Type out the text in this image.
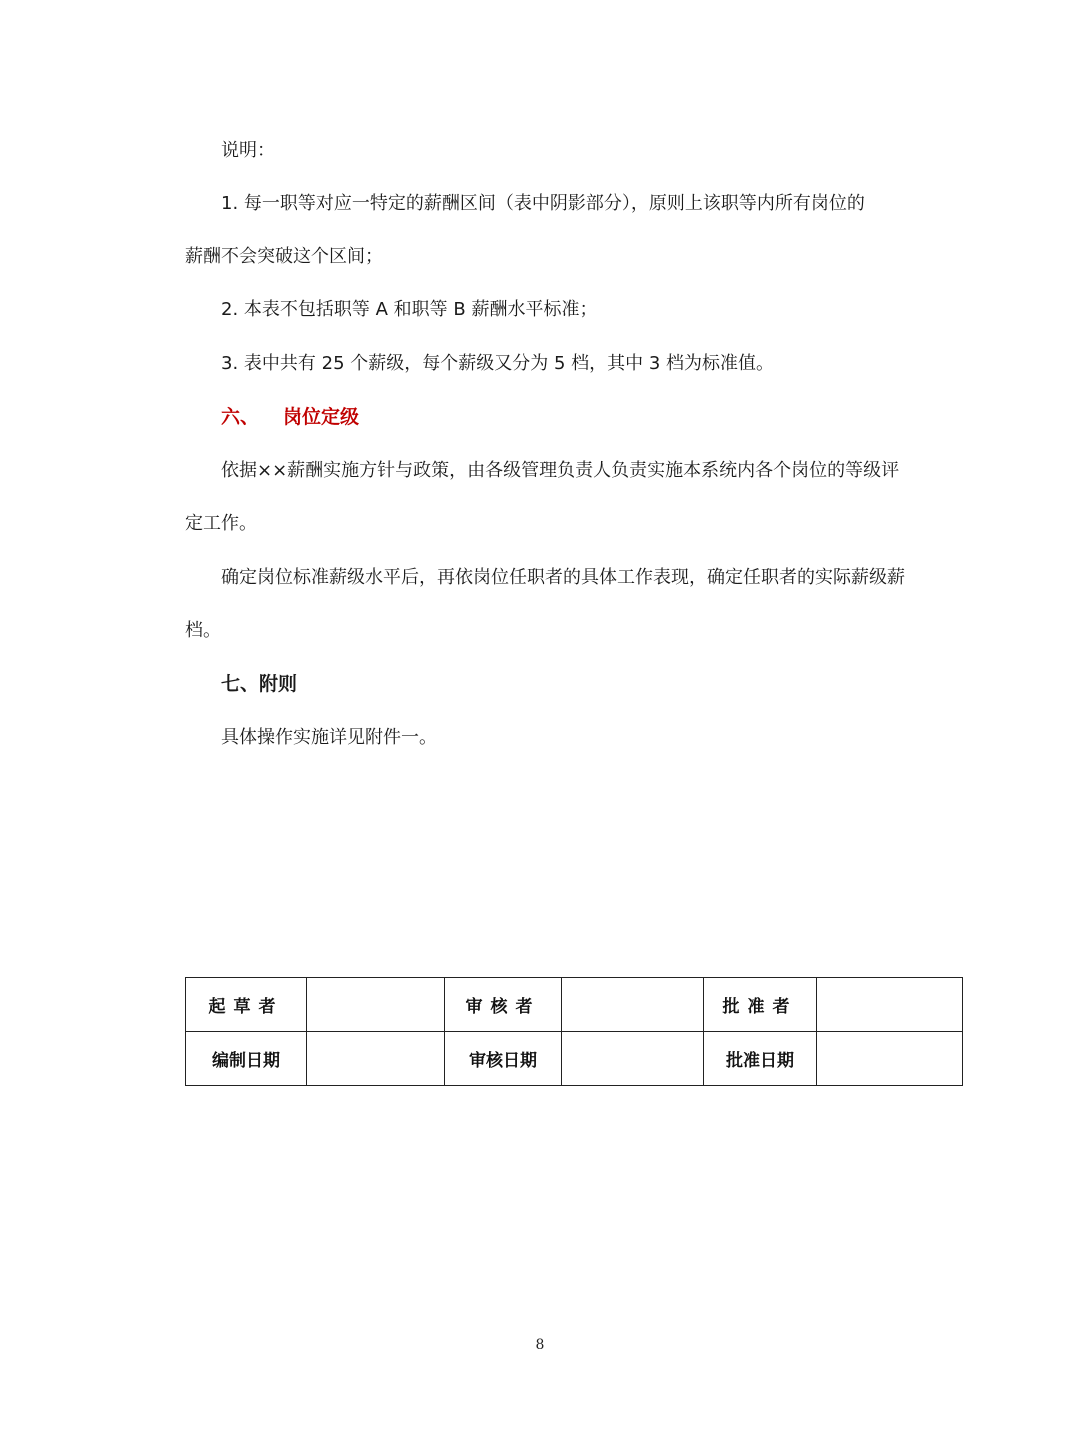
说明：
1. 每一职等对应一特定的薪酬区间（表中阴影部分），原则上该职等内所有岗位的
薪酬不会突破这个区间；
2. 本表不包括职等 A 和职等 B 薪酬水平标准；
3. 表中共有 25 个薪级，每个薪级又分为 5 档，其中 3 档为标准值。
六、 岗位定级
依据××薪酬实施方针与政策，由各级管理负责人负责实施本系统内各个岗位的等级评
定工作。
确定岗位标准薪级水平后，再依岗位任职者的具体工作表现，确定任职者的实际薪级薪
档。
七、附则
具体操作实施详见附件一。
起草者		审核者		批准者	
编制日期		审核日期		批准日期	
8
